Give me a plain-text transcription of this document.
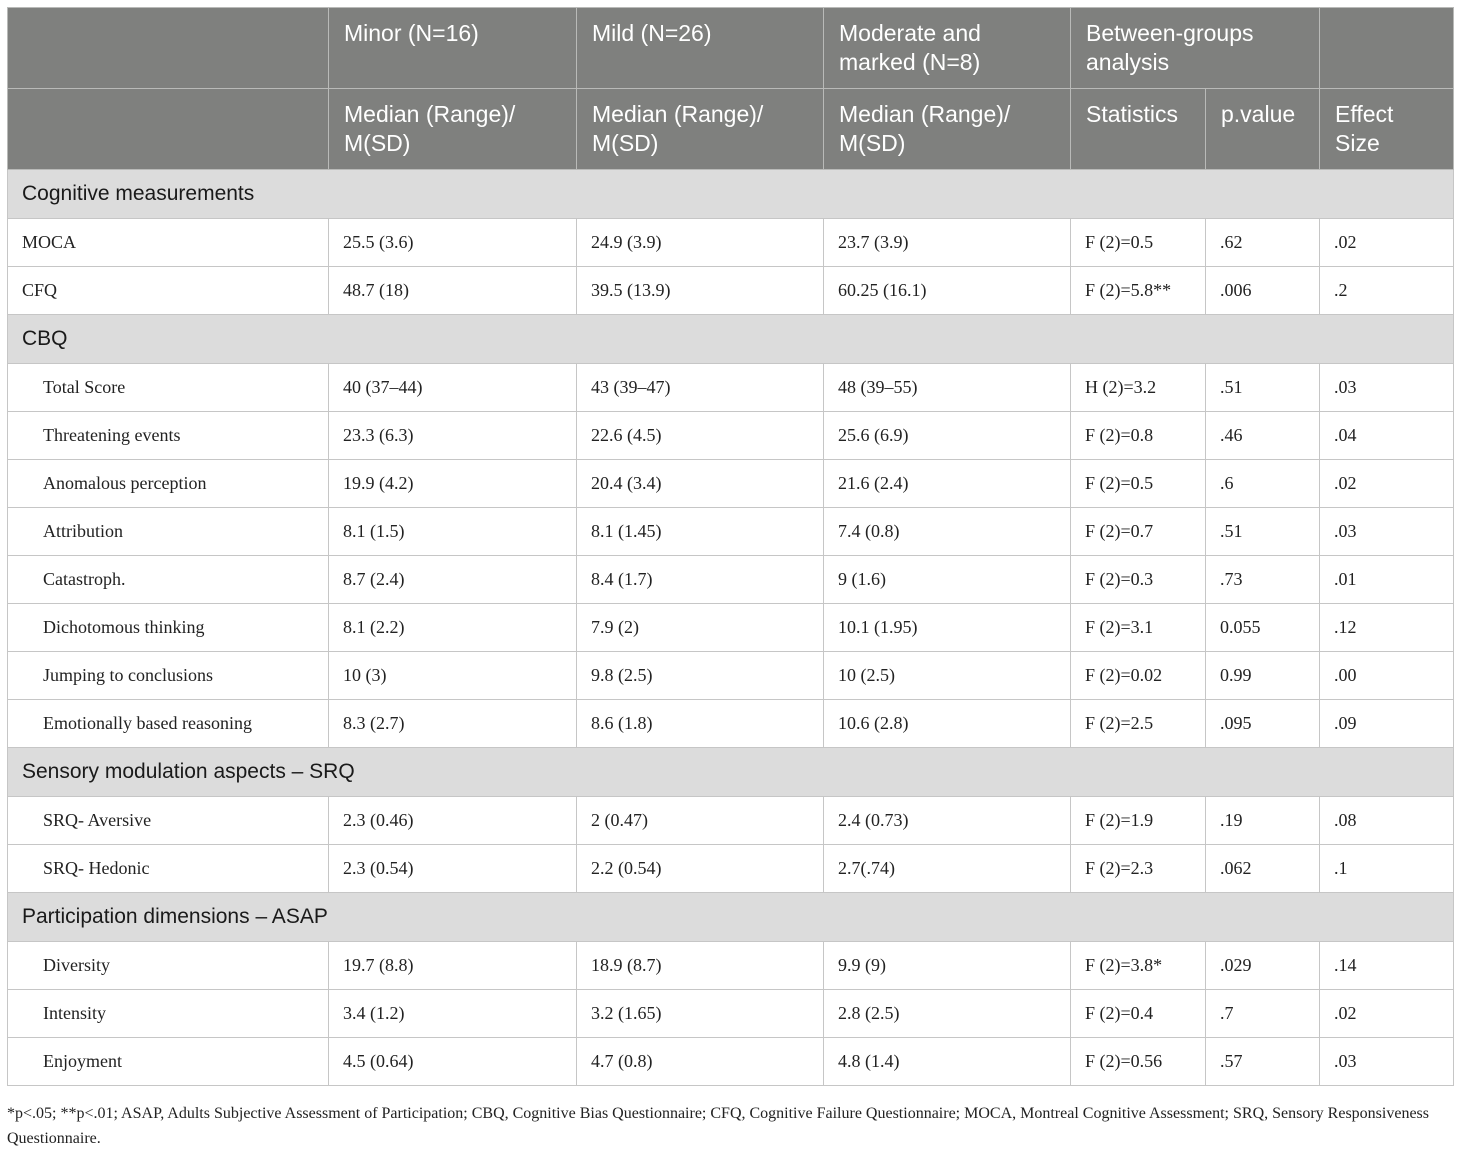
	Minor (N=16)	Mild (N=26)	Moderate and marked (N=8)	Between-groups analysis		
	Median (Range)/ M(SD)	Median (Range)/ M(SD)	Median (Range)/ M(SD)	Statistics	p.value	Effect Size
Cognitive measurements						
MOCA	25.5 (3.6)	24.9 (3.9)	23.7 (3.9)	F (2)=0.5	.62	.02
CFQ	48.7 (18)	39.5 (13.9)	60.25 (16.1)	F (2)=5.8**	.006	.2
CBQ						
Total Score	40 (37–44)	43 (39–47)	48 (39–55)	H (2)=3.2	.51	.03
Threatening events	23.3 (6.3)	22.6 (4.5)	25.6 (6.9)	F (2)=0.8	.46	.04
Anomalous perception	19.9 (4.2)	20.4 (3.4)	21.6 (2.4)	F (2)=0.5	.6	.02
Attribution	8.1 (1.5)	8.1 (1.45)	7.4 (0.8)	F (2)=0.7	.51	.03
Catastroph.	8.7 (2.4)	8.4 (1.7)	9 (1.6)	F (2)=0.3	.73	.01
Dichotomous thinking	8.1 (2.2)	7.9 (2)	10.1 (1.95)	F (2)=3.1	0.055	.12
Jumping to conclusions	10 (3)	9.8 (2.5)	10 (2.5)	F (2)=0.02	0.99	.00
Emotionally based reasoning	8.3 (2.7)	8.6 (1.8)	10.6 (2.8)	F (2)=2.5	.095	.09
Sensory modulation aspects – SRQ						
SRQ- Aversive	2.3 (0.46)	2 (0.47)	2.4 (0.73)	F (2)=1.9	.19	.08
SRQ- Hedonic	2.3 (0.54)	2.2 (0.54)	2.7(.74)	F (2)=2.3	.062	.1
Participation dimensions – ASAP						
Diversity	19.7 (8.8)	18.9 (8.7)	9.9 (9)	F (2)=3.8*	.029	.14
Intensity	3.4 (1.2)	3.2 (1.65)	2.8 (2.5)	F (2)=0.4	.7	.02
Enjoyment	4.5 (0.64)	4.7 (0.8)	4.8 (1.4)	F (2)=0.56	.57	.03

*p<.05; **p<.01; ASAP, Adults Subjective Assessment of Participation; CBQ, Cognitive Bias Questionnaire; CFQ, Cognitive Failure Questionnaire; MOCA, Montreal Cognitive Assessment; SRQ, Sensory Responsiveness Questionnaire.
